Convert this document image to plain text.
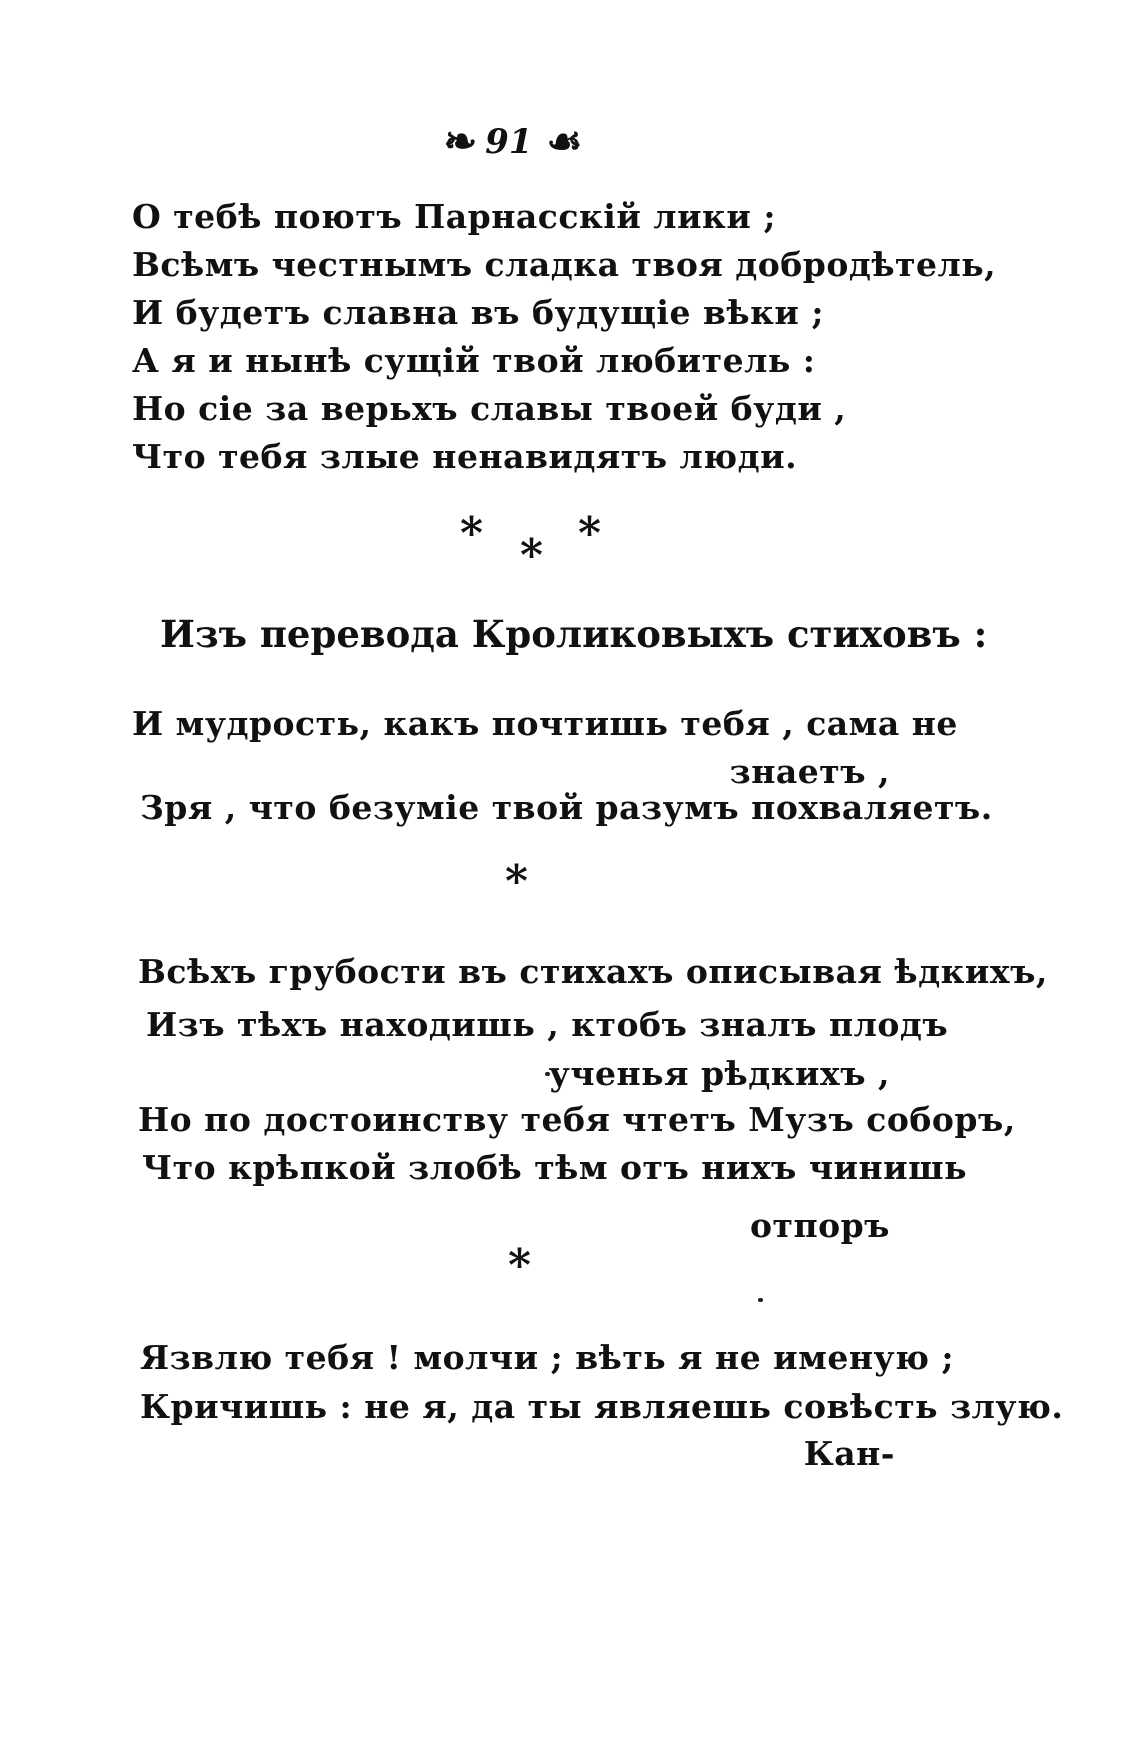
❧ 91 ☙
О тебѣ поютъ Парнасскій лики ;
Всѣмъ честнымъ сладка твоя добродѣтель,
И будетъ славна въ будущіе вѣки ;
А я и нынѣ сущій твой любитель :
Но сіе за верьхъ славы твоей буди ,
Что тебя злые ненавидятъ люди.
* * *
Изъ перевода Кроликовыхъ стиховъ :
И мудрость, какъ почтишь тебя , сама не
знаетъ ,
Зря , что безуміе твой разумъ похваляетъ.
*
Всѣхъ грубости въ стихахъ описывая ѣдкихъ,
Изъ тѣхъ находишь , ктобъ зналъ плодъ
ученья рѣдкихъ ,
Но по достоинству тебя чтетъ Музъ соборъ,
Что крѣпкой злобѣ тѣм отъ нихъ чинишь
отпоръ
*
Язвлю тебя ! молчи ; вѣть я не именую ;
Кричишь : не я, да ты являешь совѣсть злую.
Кан-
